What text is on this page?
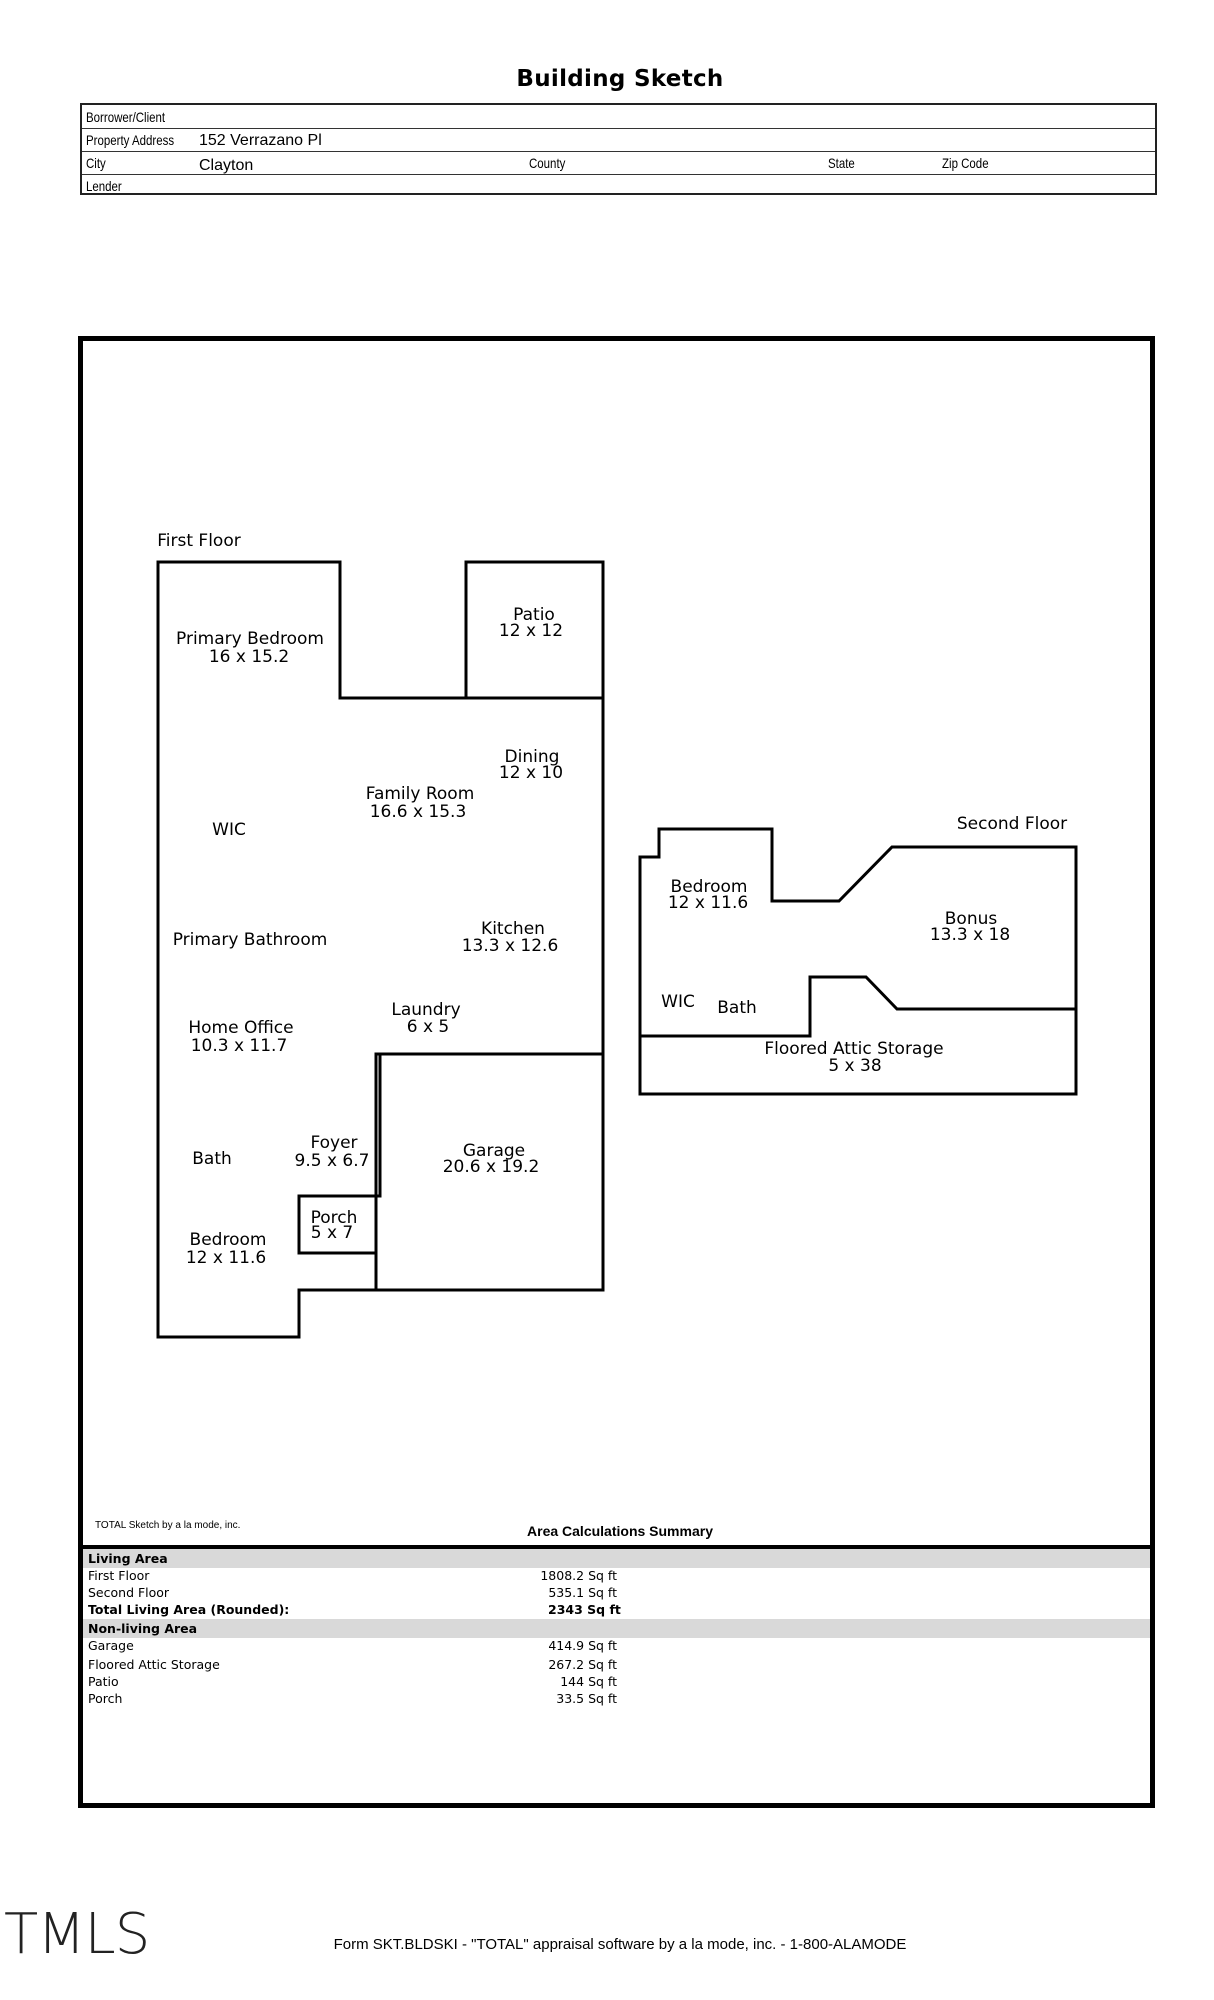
Building Sketch
Borrower/Client
Property Address 152 Verrazano Pl
City	Clayton	County	State	Zip Code
Lender
First Floor
Second Floor
Primary Bedroom
16 x 15.2
Patio
12 x 12
Dining
12 x 10
Family Room
16.6 x 15.3
WIC
Primary Bathroom
Kitchen
13.3 x 12.6
Laundry
6 x 5
Home Office
10.3 x 11.7
Foyer
9.5 x 6.7	Garage
20.6 x 19.2
Bath
Porch
5 x 7
Bedroom
12 x 11.6
Bedroom
12 x 11.6
Bonus
13.3 x 18
WIC Bath
Floored Attic Storage
5 x 38
TOTAL Sketch by a la mode, inc.	Area Calculations Summary
Living Area
First Floor	1808.2 Sq ft
Second Floor	535.1 Sq ft
Total Living Area (Rounded):	2343 Sq ft
Non-living Area
Garage	414.9 Sq ft
Floored Attic Storage	267.2 Sq ft
Patio	144 Sq ft
Porch	33.5 Sq ft
TMLS	Form SKT.BLDSKI - "TOTAL" appraisal software by a la mode, inc. - 1-800-ALAMODE
